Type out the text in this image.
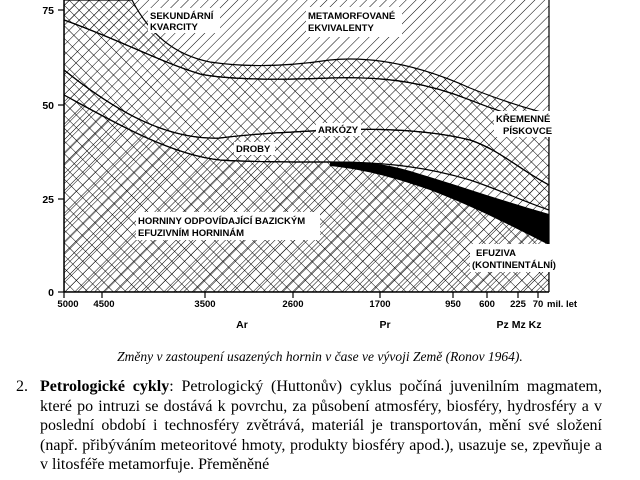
75
50
25
0
5000 4500	3500	2600	1700	950 600 225 70 mil. let
Ar	Pr	Pz Mz Kz
SEKUNDÁRNÍ
KVARCITY
METAMORFOVANÉ
EKVIVALENTY
KŘEMENNÉ
PÍSKOVCE
ARKÓZY
DROBY
HORNINY ODPOVÍDAJÍCÍ BAZICKÝM
EFUZIVNÍM HORNINÁM
EFUZIVA
(KONTINENTÁLNÍ)
Změny v zastoupení usazených hornin v čase ve vývoji Země (Ronov 1964).
2. Petrologické cykly: Petrologický (Huttonův) cyklus počíná juvenilním magmatem, které po intruzi se dostává k povrchu, za působení atmosféry, biosféry, hydrosféry a v poslední období i technosféry zvětrává, materiál je transportován, mění své složení (např. přibýváním meteoritové hmoty, produkty biosféry apod.), usazuje se, zpevňuje a v litosféře metamorfuje. Přeměněné
